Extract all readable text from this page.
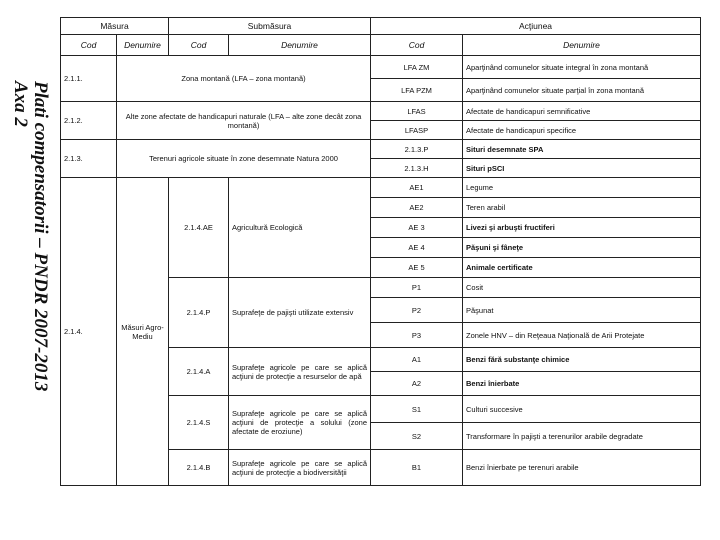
Plati compensatorii – PNDR 2007-2013
Axa 2
Măsura		Submăsura		Acţiunea	
Cod	Denumire	Cod	Denumire	Cod	Denumire
2.1.1.	Zona montană (LFA – zona montană)			LFA ZM	Aparţinând comunelor situate integral în zona montană
				LFA PZM	Aparţinând comunelor situate parţial în zona montană
2.1.2.	Alte zone afectate de handicapuri naturale (LFA – alte zone decât zona montană)			LFAS	Afectate de handicapuri semnificative
				LFASP	Afectate de handicapuri specifice
2.1.3.	Terenuri agricole situate în zone desemnate Natura 2000			2.1.3.P	Situri desemnate SPA
				2.1.3.H	Situri pSCI
2.1.4.	Măsuri Agro-Mediu	2.1.4.AE	Agricultură Ecologică	AE1	Legume
				AE2	Teren arabil
				AE 3	Livezi şi arbuşti fructiferi
				AE 4	Păşuni şi fâneţe
				AE 5	Animale certificate
		2.1.4.P	Suprafeţe de pajişti utilizate extensiv	P1	Cosit
				P2	Păşunat
				P3	Zonele HNV – din Reţeaua Naţională de Arii Protejate
		2.1.4.A	Suprafeţe agricole pe care se aplică acţiuni de protecţie a resurselor de apă	A1	Benzi fără substanţe chimice
				A2	Benzi înierbate
		2.1.4.S	Suprafeţe agricole pe care se aplică acţiuni de protecţie a solului (zone afectate de eroziune)	S1	Culturi succesive
				S2	Transformare în pajişti a terenurilor arabile degradate
		2.1.4.B	Suprafeţe agricole pe care se aplică acţiuni de protecţie a biodiversităţii	B1	Benzi înierbate pe terenuri arabile
